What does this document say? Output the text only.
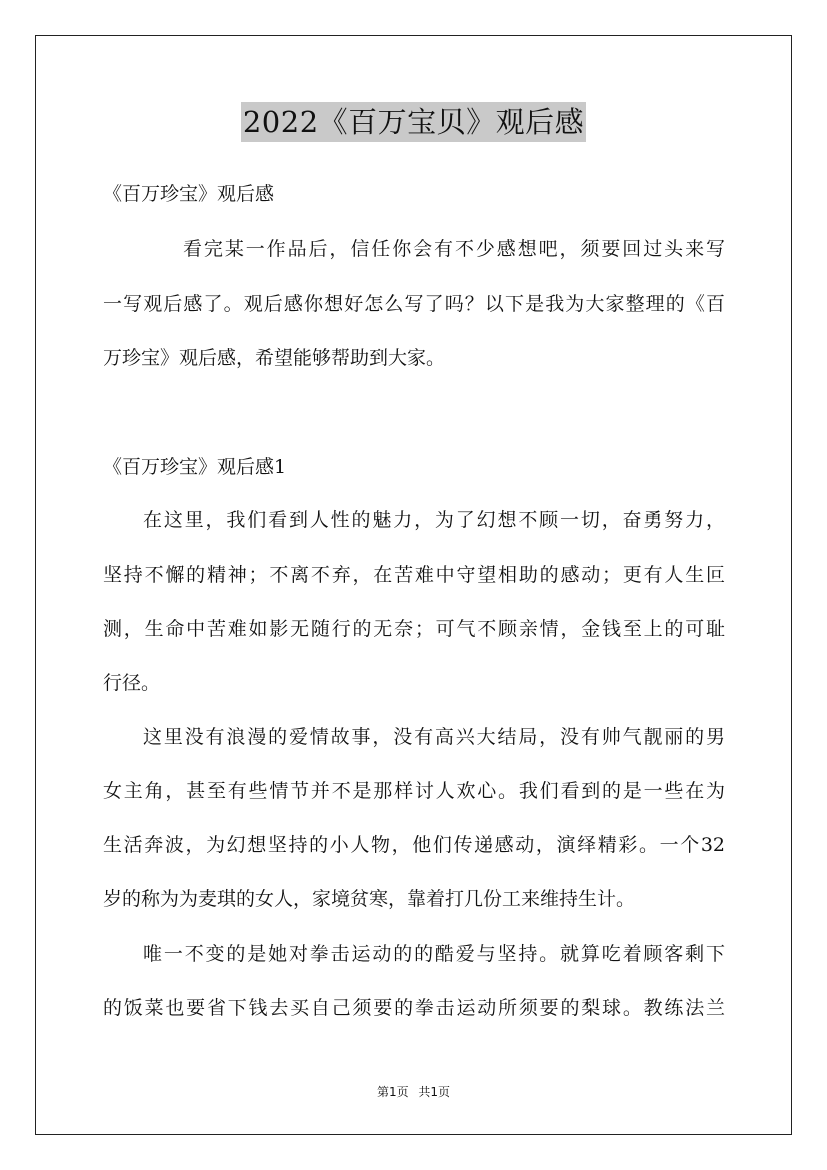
2022《百万宝贝》观后感
《百万珍宝》观后感
看完某一作品后，信任你会有不少感想吧，须要回过头来写
一写观后感了。观后感你想好怎么写了吗？以下是我为大家整理的《百
万珍宝》观后感，希望能够帮助到大家。
《百万珍宝》观后感1
在这里，我们看到人性的魅力，为了幻想不顾一切，奋勇努力，
坚持不懈的精神；不离不弃，在苦难中守望相助的感动；更有人生叵
测，生命中苦难如影无随行的无奈；可气不顾亲情，金钱至上的可耻
行径。
这里没有浪漫的爱情故事，没有高兴大结局，没有帅气靓丽的男
女主角，甚至有些情节并不是那样讨人欢心。我们看到的是一些在为
生活奔波，为幻想坚持的小人物，他们传递感动，演绎精彩。一个32
岁的称为为麦琪的女人，家境贫寒，靠着打几份工来维持生计。
唯一不变的是她对拳击运动的的酷爱与坚持。就算吃着顾客剩下
的饭菜也要省下钱去买自己须要的拳击运动所须要的梨球。教练法兰
第1页 共1页
